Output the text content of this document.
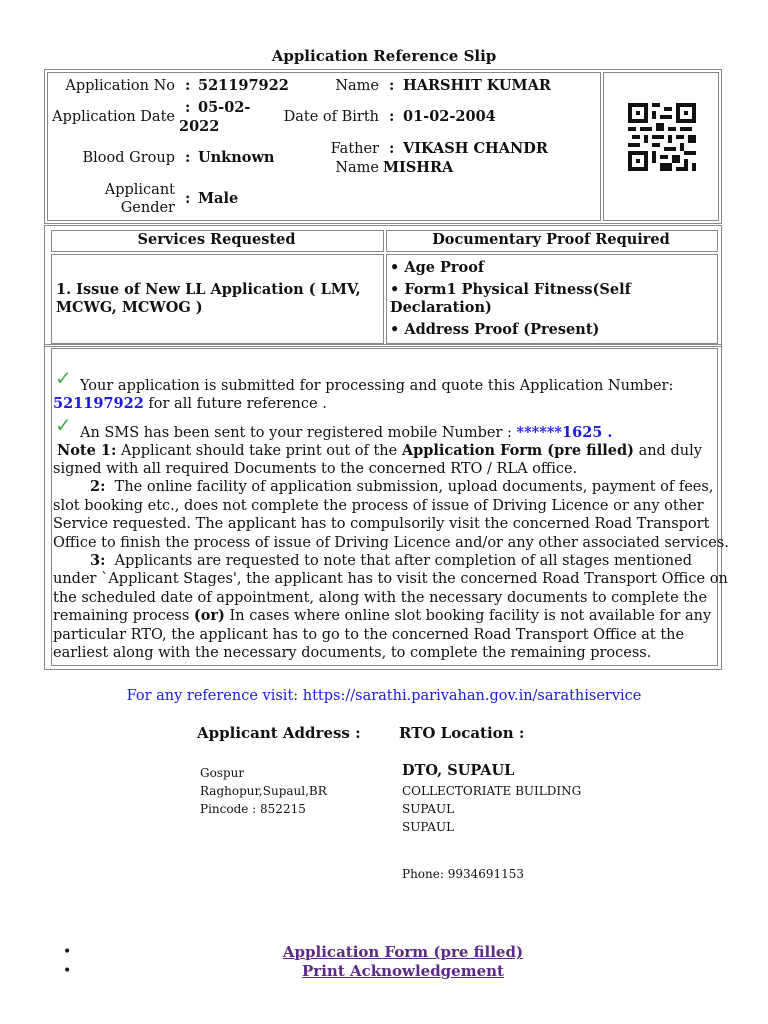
Application Reference Slip
Application No : 521197922
Application Date
: 05-02-
2022
Blood Group : Unknown
Applicant
Gender
: Male
Name : HARSHIT KUMAR
Date of Birth : 01-02-2004
Father
Name
: VIKASH CHANDR
MISHRA
Services Requested	Documentary Proof Required
1. Issue of New LL Application ( LMV,
MCWG, MCWOG )
• Age Proof
• Form1 Physical Fitness(Self
Declaration)
• Address Proof (Present)
✓ Your application is submitted for processing and quote this Application Number:
521197922 for all future reference .
✓ An SMS has been sent to your registered mobile Number : ******1625 .
Note 1: Applicant should take print out of the Application Form (pre filled) and duly
signed with all required Documents to the concerned RTO / RLA office.
2: The online facility of application submission, upload documents, payment of fees,
slot booking etc., does not complete the process of issue of Driving Licence or any other
Service requested. The applicant has to compulsorily visit the concerned Road Transport
Office to finish the process of issue of Driving Licence and/or any other associated services.
3: Applicants are requested to note that after completion of all stages mentioned
under `Applicant Stages', the applicant has to visit the concerned Road Transport Office on
the scheduled date of appointment, along with the necessary documents to complete the
remaining process (or) In cases where online slot booking facility is not available for any
particular RTO, the applicant has to go to the concerned Road Transport Office at the
earliest along with the necessary documents, to complete the remaining process.
For any reference visit: https://sarathi.parivahan.gov.in/sarathiservice
Applicant Address :	RTO Location :
Gospur
Raghopur,Supaul,BR
Pincode : 852215
DTO, SUPAUL
COLLECTORIATE BUILDING
SUPAUL
SUPAUL
Phone: 9934691153
•
•
Application Form (pre filled)
Print Acknowledgement
